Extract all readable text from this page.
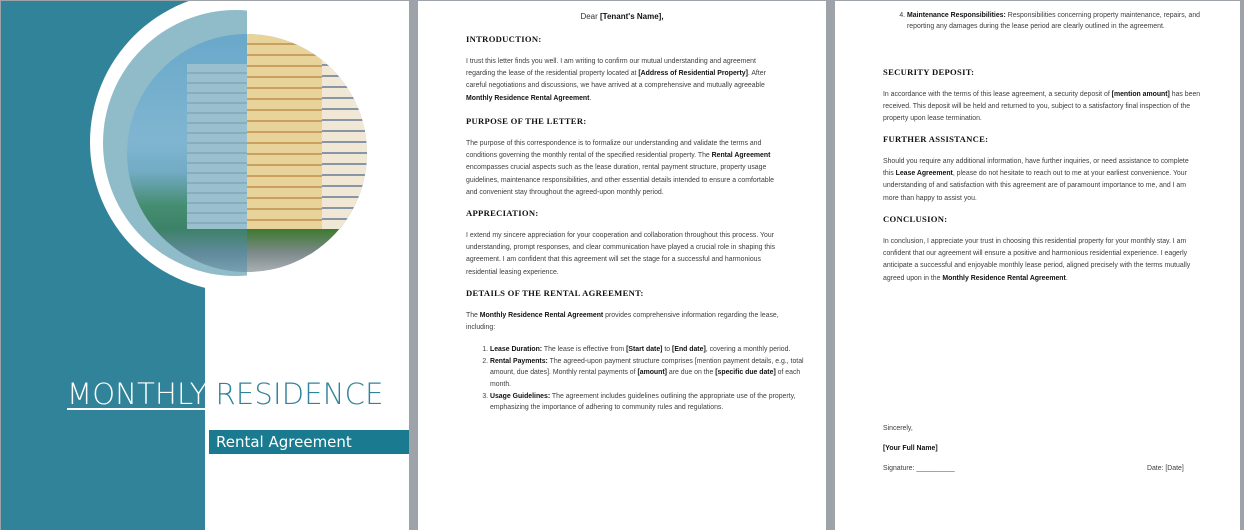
MONTHLY RESIDENCE
Rental Agreement
Dear [Tenant's Name],
INTRODUCTION:
I trust this letter finds you well. I am writing to confirm our mutual understanding and agreement regarding the lease of the residential property located at [Address of Residential Property]. After careful negotiations and discussions, we have arrived at a comprehensive and mutually agreeable Monthly Residence Rental Agreement.
PURPOSE OF THE LETTER:
The purpose of this correspondence is to formalize our understanding and validate the terms and conditions governing the monthly rental of the specified residential property. The Rental Agreement encompasses crucial aspects such as the lease duration, rental payment structure, property usage guidelines, maintenance responsibilities, and other essential details intended to ensure a comfortable and convenient stay throughout the agreed-upon monthly period.
APPRECIATION:
I extend my sincere appreciation for your cooperation and collaboration throughout this process. Your understanding, prompt responses, and clear communication have played a crucial role in shaping this agreement. I am confident that this agreement will set the stage for a successful and harmonious residential leasing experience.
DETAILS OF THE RENTAL AGREEMENT:
The Monthly Residence Rental Agreement provides comprehensive information regarding the lease, including:
1. Lease Duration: The lease is effective from [Start date] to [End date], covering a monthly period.
2. Rental Payments: The agreed-upon payment structure comprises [mention payment details, e.g., total amount, due dates]. Monthly rental payments of [amount] are due on the [specific due date] of each month.
3. Usage Guidelines: The agreement includes guidelines outlining the appropriate use of the property, emphasizing the importance of adhering to community rules and regulations.
4. Maintenance Responsibilities: Responsibilities concerning property maintenance, repairs, and reporting any damages during the lease period are clearly outlined in the agreement.
SECURITY DEPOSIT:
In accordance with the terms of this lease agreement, a security deposit of [mention amount] has been received. This deposit will be held and returned to you, subject to a satisfactory final inspection of the property upon lease termination.
FURTHER ASSISTANCE:
Should you require any additional information, have further inquiries, or need assistance to complete this Lease Agreement, please do not hesitate to reach out to me at your earliest convenience. Your understanding of and satisfaction with this agreement are of paramount importance to me, and I am more than happy to assist you.
CONCLUSION:
In conclusion, I appreciate your trust in choosing this residential property for your monthly stay. I am confident that our agreement will ensure a positive and harmonious residential experience. I eagerly anticipate a successful and enjoyable monthly lease period, aligned precisely with the terms mutually agreed upon in the Monthly Residence Rental Agreement.
Sincerely,
[Your Full Name]
Signature: __________	Date: [Date]
